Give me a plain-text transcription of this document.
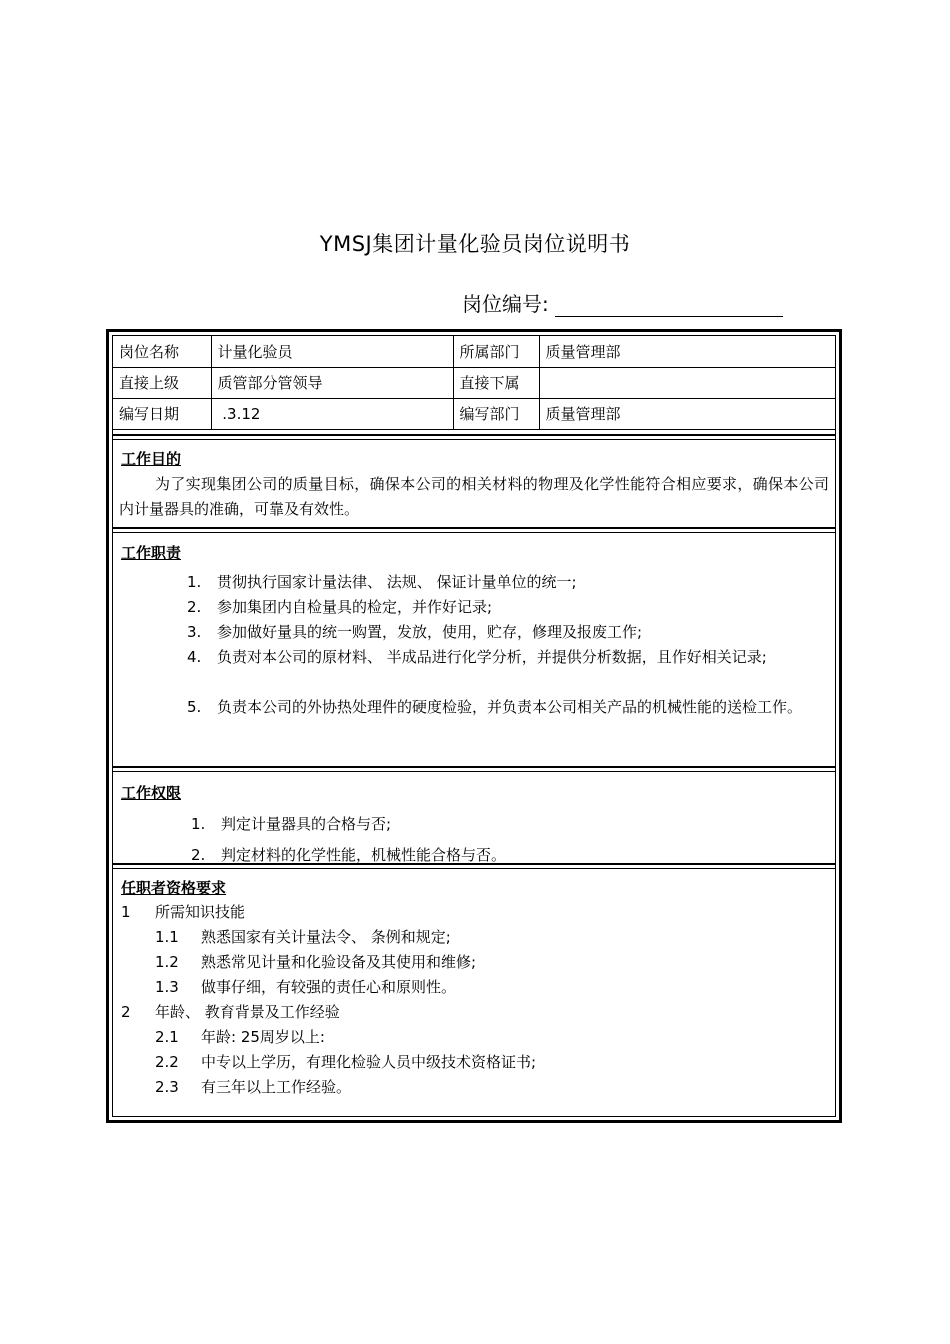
YMSJ集团计量化验员岗位说明书
岗位编号:
岗位名称	计量化验员	所属部门	质量管理部
直接上级	质管部分管领导	直接下属	
编写日期	.3.12	编写部门	质量管理部
工作目的
为了实现集团公司的质量目标，确保本公司的相关材料的物理及化学性能符合相应要求，确保本公司内计量器具的准确，可靠及有效性。
工作职责
1. 贯彻执行国家计量法律、 法规、 保证计量单位的统一;
2. 参加集团内自检量具的检定，并作好记录;
3. 参加做好量具的统一购置，发放，使用，贮存，修理及报废工作;
4. 负责对本公司的原材料、 半成品进行化学分析，并提供分析数据，且作好相关记录;
5. 负责本公司的外协热处理件的硬度检验，并负责本公司相关产品的机械性能的送检工作。
工作权限
1. 判定计量器具的合格与否;
2. 判定材料的化学性能，机械性能合格与否。
任职者资格要求
1 所需知识技能
1.1 熟悉国家有关计量法令、 条例和规定;
1.2 熟悉常见计量和化验设备及其使用和维修;
1.3 做事仔细，有较强的责任心和原则性。
2 年龄、 教育背景及工作经验
2.1 年龄: 25周岁以上:
2.2 中专以上学历，有理化检验人员中级技术资格证书;
2.3 有三年以上工作经验。
